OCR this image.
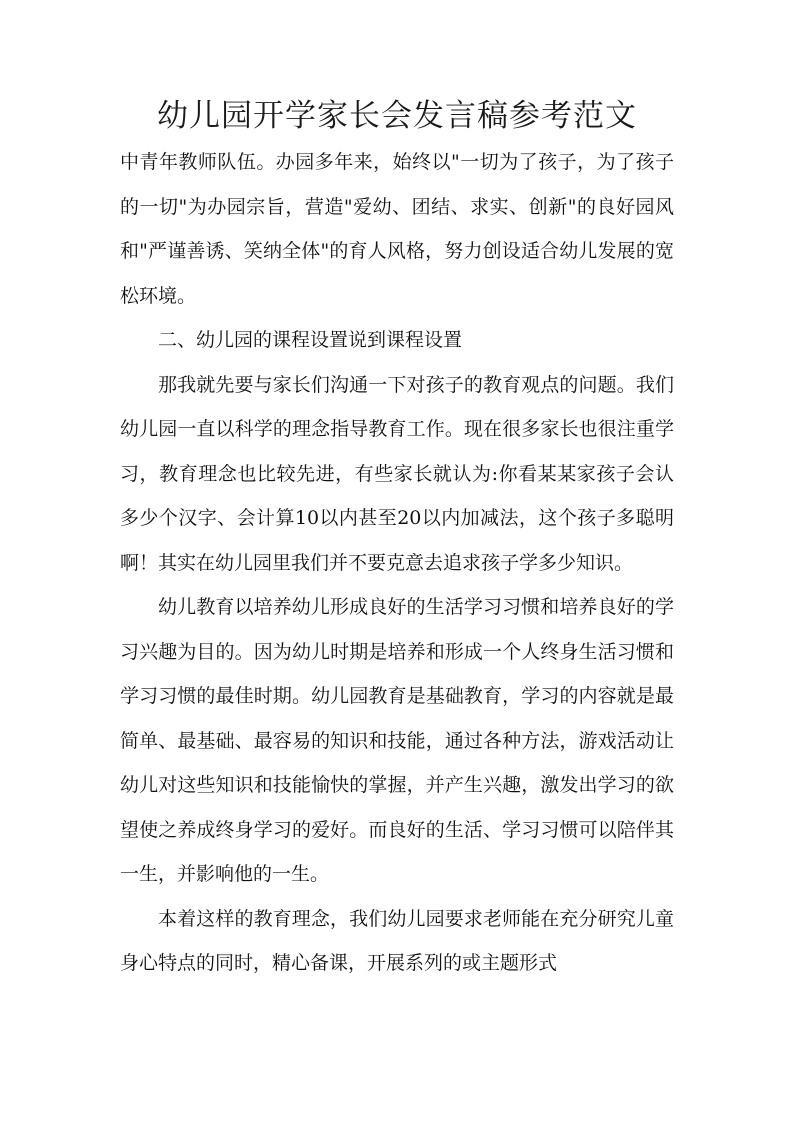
幼儿园开学家长会发言稿参考范文

中青年教师队伍。办园多年来，始终以"一切为了孩子，为了孩子的一切"为办园宗旨，营造"爱幼、团结、求实、创新"的良好园风和"严谨善诱、笑纳全体"的育人风格，努力创设适合幼儿发展的宽松环境。

二、幼儿园的课程设置说到课程设置

那我就先要与家长们沟通一下对孩子的教育观点的问题。我们幼儿园一直以科学的理念指导教育工作。现在很多家长也很注重学习，教育理念也比较先进，有些家长就认为:你看某某家孩子会认多少个汉字、会计算10以内甚至20以内加减法，这个孩子多聪明啊！其实在幼儿园里我们并不要克意去追求孩子学多少知识。

幼儿教育以培养幼儿形成良好的生活学习习惯和培养良好的学习兴趣为目的。因为幼儿时期是培养和形成一个人终身生活习惯和学习习惯的最佳时期。幼儿园教育是基础教育，学习的内容就是最简单、最基础、最容易的知识和技能，通过各种方法，游戏活动让幼儿对这些知识和技能愉快的掌握，并产生兴趣，激发出学习的欲望使之养成终身学习的爱好。而良好的生活、学习习惯可以陪伴其一生，并影响他的一生。

本着这样的教育理念，我们幼儿园要求老师能在充分研究儿童身心特点的同时，精心备课，开展系列的或主题形式
